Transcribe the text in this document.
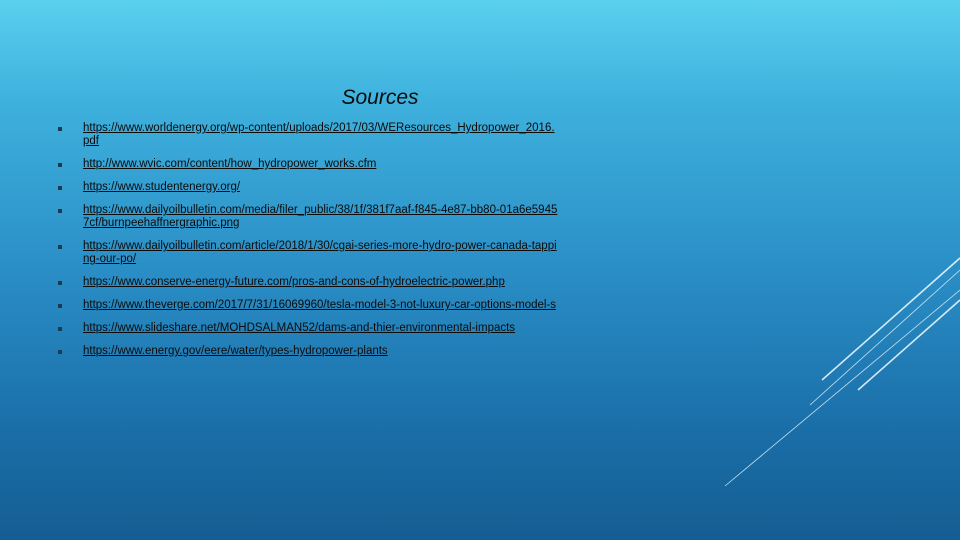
Sources
https://www.worldenergy.org/wp-content/uploads/2017/03/WEResources_Hydropower_2016.pdf
http://www.wvic.com/content/how_hydropower_works.cfm
https://www.studentenergy.org/
https://www.dailyoilbulletin.com/media/filer_public/38/1f/381f7aaf-f845-4e87-bb80-01a6e59457cf/burnpeehaffnergraphic.png
https://www.dailyoilbulletin.com/article/2018/1/30/cgai-series-more-hydro-power-canada-tapping-our-po/
https://www.conserve-energy-future.com/pros-and-cons-of-hydroelectric-power.php
https://www.theverge.com/2017/7/31/16069960/tesla-model-3-not-luxury-car-options-model-s
https://www.slideshare.net/MOHDSALMAN52/dams-and-thier-environmental-impacts
https://www.energy.gov/eere/water/types-hydropower-plants
